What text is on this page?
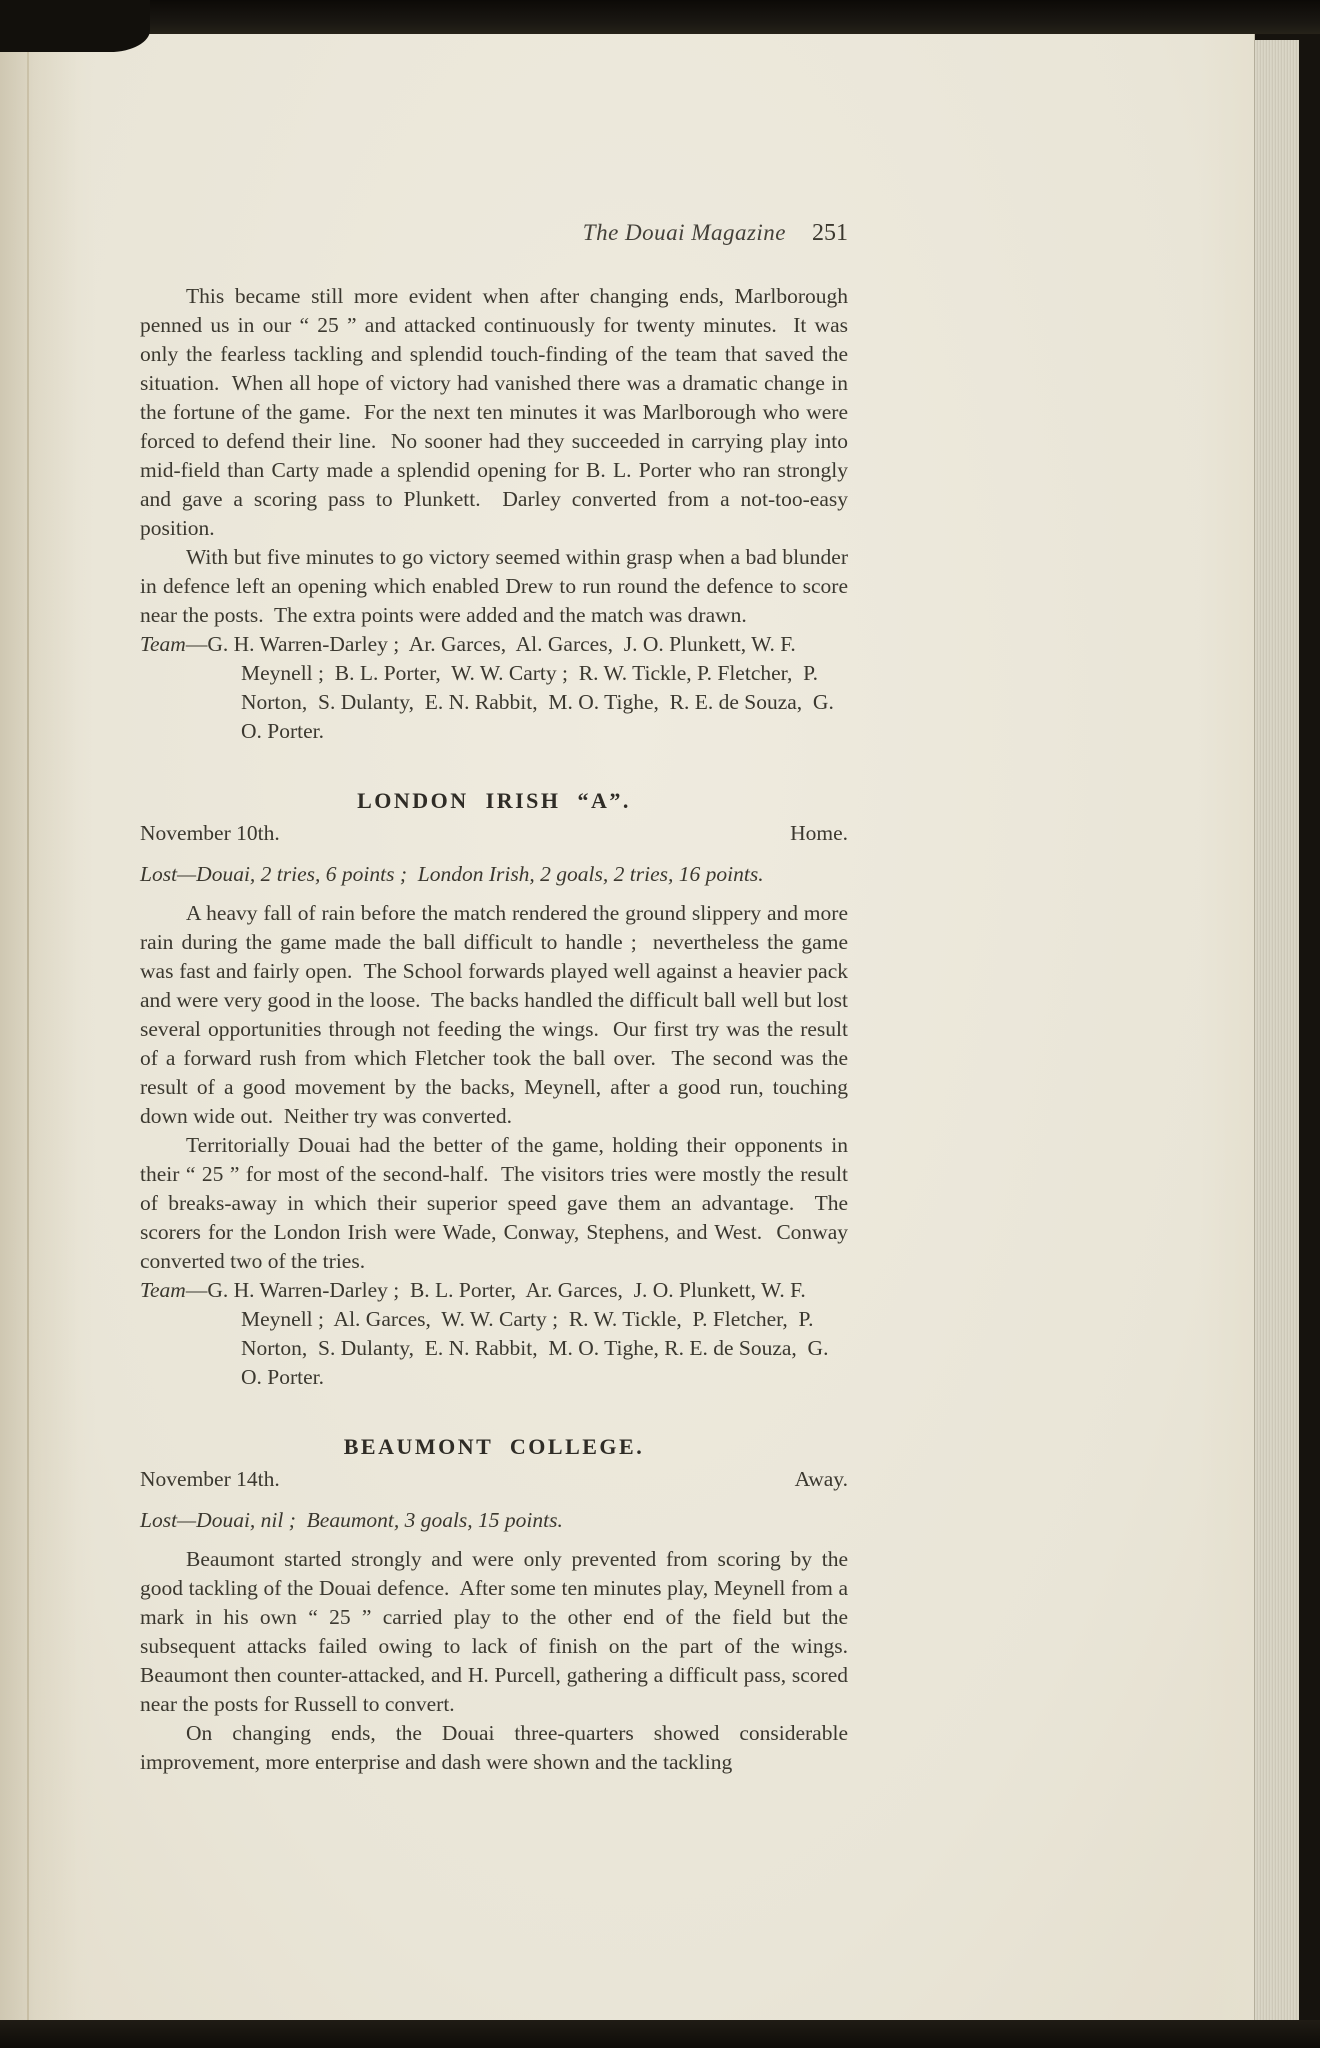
The Douai Magazine 251

This became still more evident when after changing ends, Marlborough penned us in our “ 25 ” and attacked continuously for twenty minutes.  It was only the fearless tackling and splendid touch-finding of the team that saved the situation.  When all hope of victory had vanished there was a dramatic change in the fortune of the game.  For the next ten minutes it was Marlborough who were forced to defend their line.  No sooner had they succeeded in carrying play into mid-field than Carty made a splendid opening for B. L. Porter who ran strongly and gave a scoring pass to Plunkett.  Darley converted from a not-too-easy position.

With but five minutes to go victory seemed within grasp when a bad blunder in defence left an opening which enabled Drew to run round the defence to score near the posts.  The extra points were added and the match was drawn.

Team—G. H. Warren-Darley ;  Ar. Garces,  Al. Garces,  J. O. Plunkett, W. F. Meynell ;  B. L. Porter,  W. W. Carty ;  R. W. Tickle, P. Fletcher,  P. Norton,  S. Dulanty,  E. N. Rabbit,  M. O. Tighe,  R. E. de Souza,  G. O. Porter.

LONDON IRISH “A”.
November 10th.	Home.

Lost—Douai, 2 tries, 6 points ;  London Irish, 2 goals, 2 tries, 16 points.

A heavy fall of rain before the match rendered the ground slippery and more rain during the game made the ball difficult to handle ;  nevertheless the game was fast and fairly open.  The School forwards played well against a heavier pack and were very good in the loose.  The backs handled the difficult ball well but lost several opportunities through not feeding the wings.  Our first try was the result of a forward rush from which Fletcher took the ball over.  The second was the result of a good movement by the backs, Meynell, after a good run, touching down wide out.  Neither try was converted.

Territorially Douai had the better of the game, holding their opponents in their “ 25 ” for most of the second-half.  The visitors tries were mostly the result of breaks-away in which their superior speed gave them an advantage.  The scorers for the London Irish were Wade, Conway, Stephens, and West.  Conway converted two of the tries.

Team—G. H. Warren-Darley ;  B. L. Porter,  Ar. Garces,  J. O. Plunkett, W. F. Meynell ;  Al. Garces,  W. W. Carty ;  R. W. Tickle,  P. Fletcher,  P. Norton,  S. Dulanty,  E. N. Rabbit,  M. O. Tighe, R. E. de Souza,  G. O. Porter.

BEAUMONT COLLEGE.
November 14th.	Away.

Lost—Douai, nil ;  Beaumont, 3 goals, 15 points.

Beaumont started strongly and were only prevented from scoring by the good tackling of the Douai defence.  After some ten minutes play, Meynell from a mark in his own “ 25 ” carried play to the other end of the field but the subsequent attacks failed owing to lack of finish on the part of the wings.  Beaumont then counter-attacked, and H. Purcell, gathering a difficult pass, scored near the posts for Russell to convert.

On changing ends, the Douai three-quarters showed considerable improvement, more enterprise and dash were shown and the tackling
